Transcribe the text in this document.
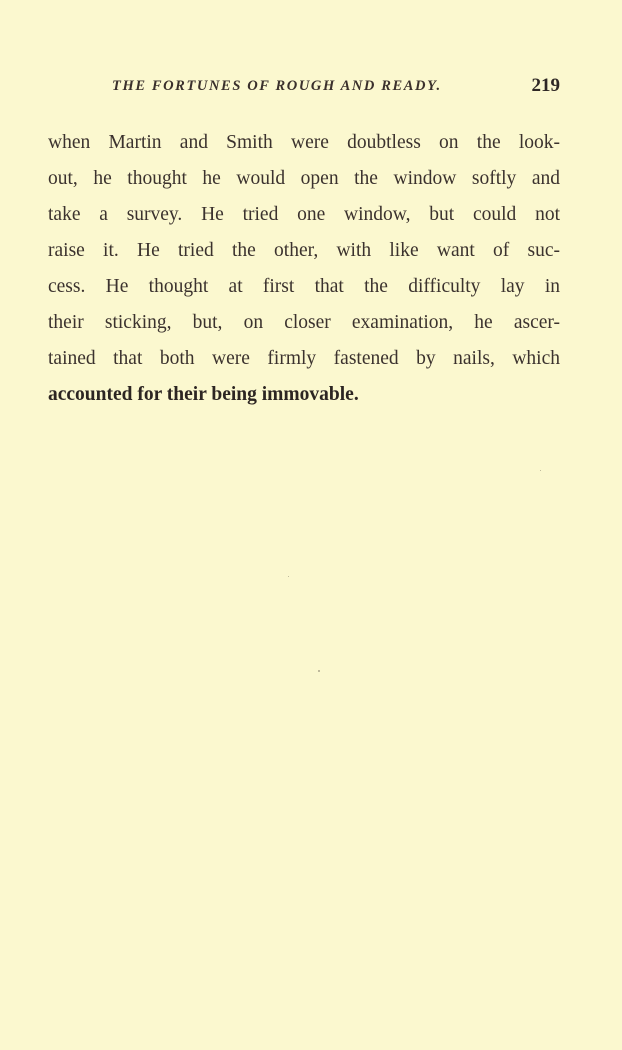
THE FORTUNES OF ROUGH AND READY.	219
when Martin and Smith were doubtless on the look-
out, he thought he would open the window softly and
take a survey. He tried one window, but could not
raise it. He tried the other, with like want of suc-
cess. He thought at first that the difficulty lay in
their sticking, but, on closer examination, he ascer-
tained that both were firmly fastened by nails, which
accounted for their being immovable.
